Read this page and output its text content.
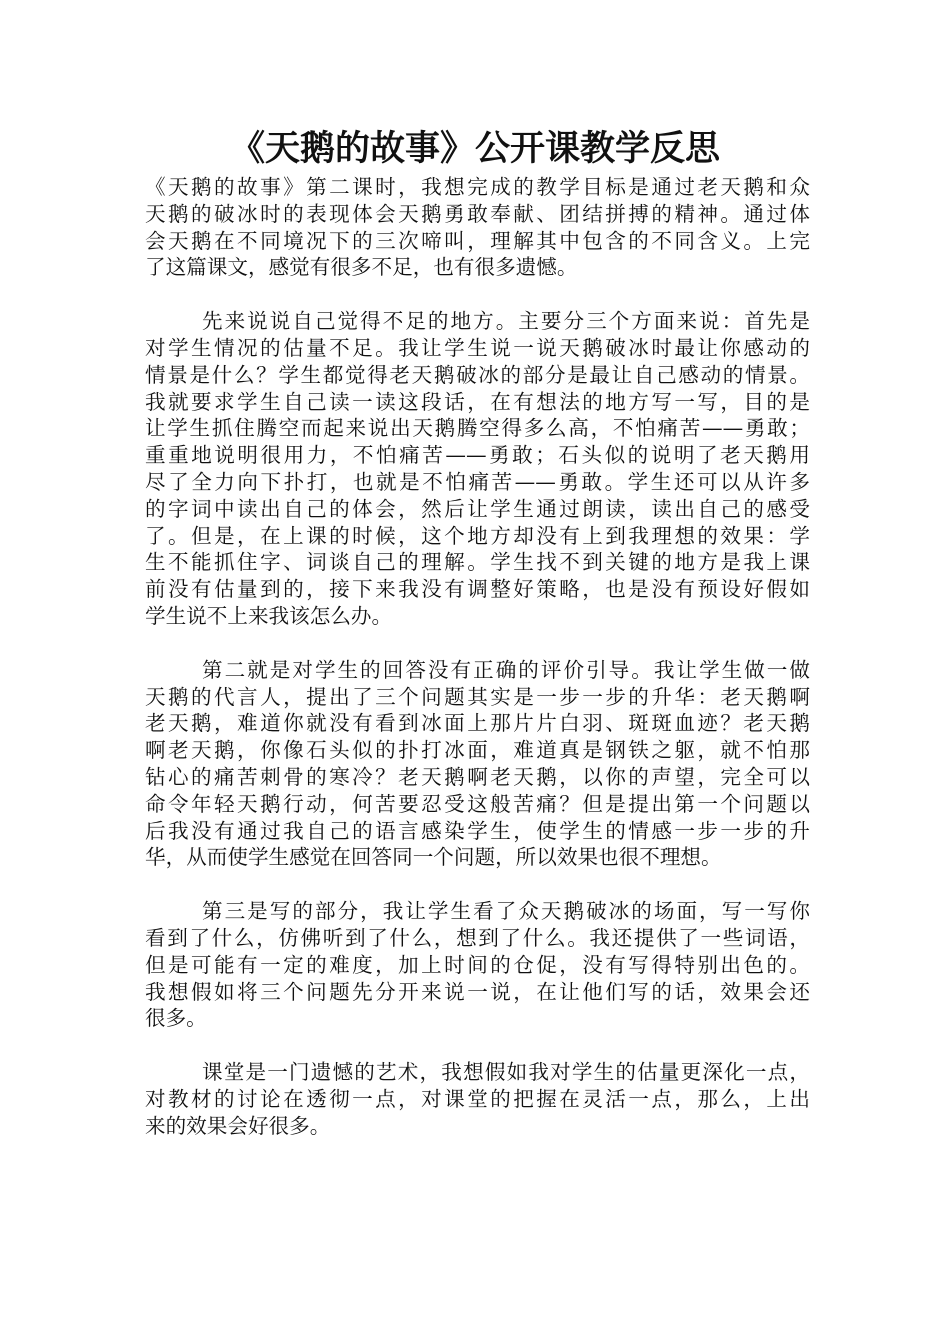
《天鹅的故事》公开课教学反思
《天鹅的故事》第二课时，我想完成的教学目标是通过老天鹅和众
天鹅的破冰时的表现体会天鹅勇敢奉献、团结拼搏的精神。通过体
会天鹅在不同境况下的三次啼叫，理解其中包含的不同含义。上完
了这篇课文，感觉有很多不足，也有很多遗憾。
先来说说自己觉得不足的地方。主要分三个方面来说：首先是
对学生情况的估量不足。我让学生说一说天鹅破冰时最让你感动的
情景是什么？学生都觉得老天鹅破冰的部分是最让自己感动的情景。
我就要求学生自己读一读这段话，在有想法的地方写一写，目的是
让学生抓住腾空而起来说出天鹅腾空得多么高，不怕痛苦——勇敢；
重重地说明很用力，不怕痛苦——勇敢；石头似的说明了老天鹅用
尽了全力向下扑打，也就是不怕痛苦——勇敢。学生还可以从许多
的字词中读出自己的体会，然后让学生通过朗读，读出自己的感受
了。但是，在上课的时候，这个地方却没有上到我理想的效果：学
生不能抓住字、词谈自己的理解。学生找不到关键的地方是我上课
前没有估量到的，接下来我没有调整好策略，也是没有预设好假如
学生说不上来我该怎么办。
第二就是对学生的回答没有正确的评价引导。我让学生做一做
天鹅的代言人，提出了三个问题其实是一步一步的升华：老天鹅啊
老天鹅，难道你就没有看到冰面上那片片白羽、斑斑血迹？老天鹅
啊老天鹅，你像石头似的扑打冰面，难道真是钢铁之躯，就不怕那
钻心的痛苦刺骨的寒冷？老天鹅啊老天鹅，以你的声望，完全可以
命令年轻天鹅行动，何苦要忍受这般苦痛？但是提出第一个问题以
后我没有通过我自己的语言感染学生，使学生的情感一步一步的升
华，从而使学生感觉在回答同一个问题，所以效果也很不理想。
第三是写的部分，我让学生看了众天鹅破冰的场面，写一写你
看到了什么，仿佛听到了什么，想到了什么。我还提供了一些词语，
但是可能有一定的难度，加上时间的仓促，没有写得特别出色的。
我想假如将三个问题先分开来说一说，在让他们写的话，效果会还
很多。
课堂是一门遗憾的艺术，我想假如我对学生的估量更深化一点，
对教材的讨论在透彻一点，对课堂的把握在灵活一点，那么，上出
来的效果会好很多。
